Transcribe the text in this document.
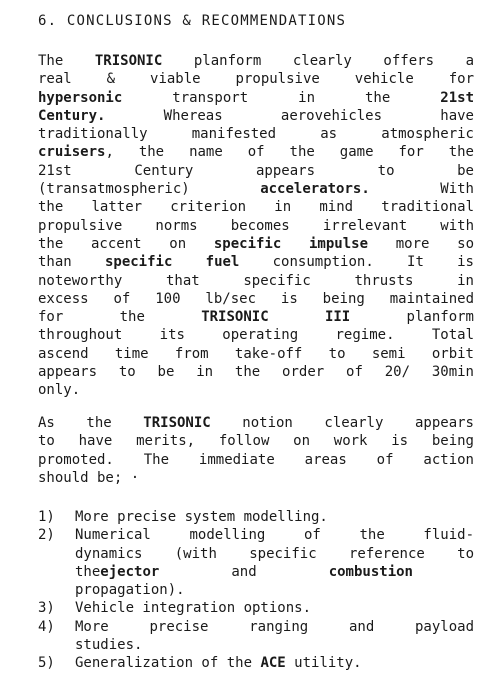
6. CONCLUSIONS & RECOMMENDATIONS
The TRISONIC planform clearly offers a
real & viable propulsive vehicle for
hypersonic transport in the 21st
Century. Whereas aerovehicles have
traditionally manifested as atmospheric
cruisers, the name of the game for the
21st Century appears to be
(transatmospheric) accelerators. With
the latter criterion in mind traditional
propulsive norms becomes irrelevant with
the accent on specific impulse more so
than specific fuel consumption. It is
noteworthy that specific thrusts in
excess of 100 lb/sec is being maintained
for the TRISONIC III planform
throughout its operating regime. Total
ascend time from take-off to semi orbit
appears to be in the order of 20/ 30min
only.
As the TRISONIC notion clearly appears
to have merits, follow on work is being
promoted. The immediate areas of action
should be; ·
1) More precise system modelling.
2) Numerical modelling of the fluid-
dynamics (with specific reference to
theejector and combustion
propagation).
3) Vehicle integration options.
4) More precise ranging and payload
studies.
5) Generalization of the ACE utility.
